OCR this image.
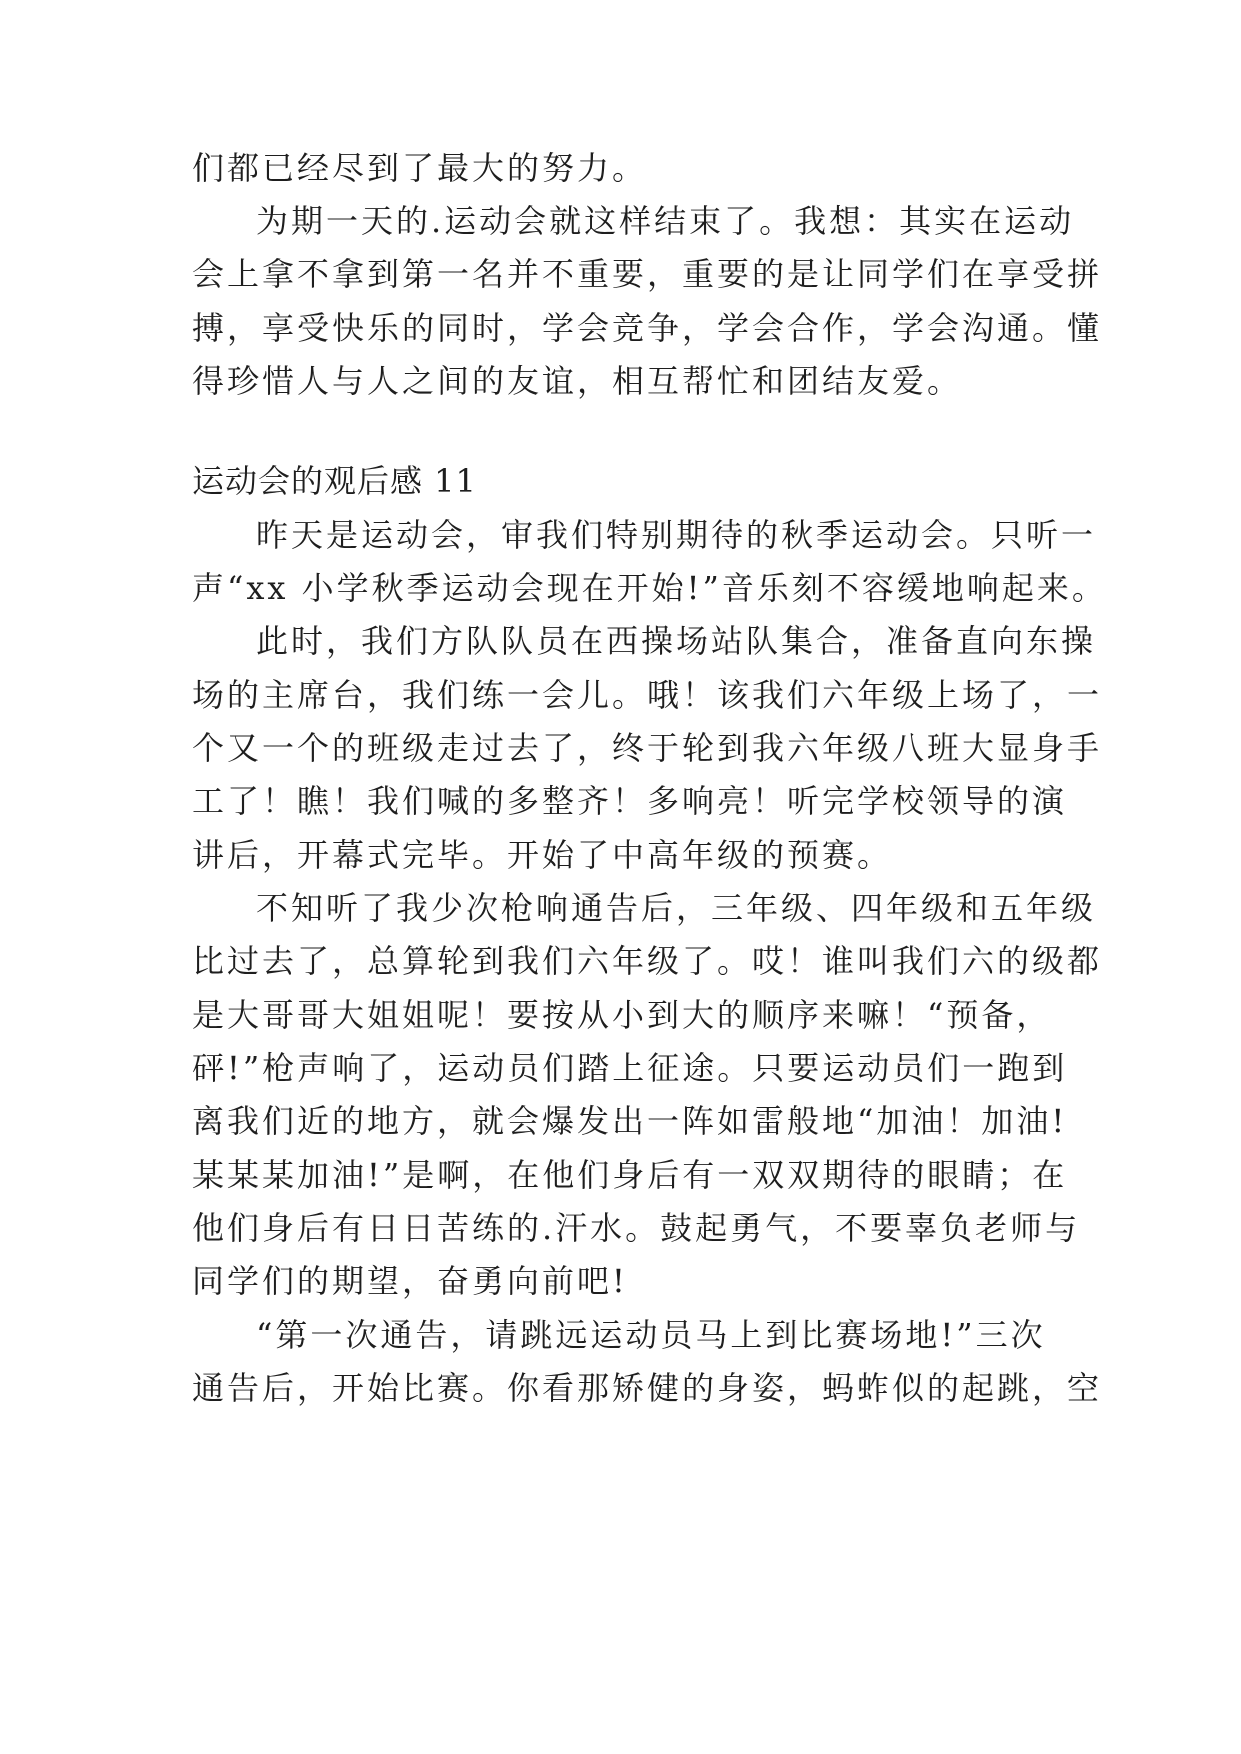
们都已经尽到了最大的努力。

为期一天的.运动会就这样结束了。我想：其实在运动

会上拿不拿到第一名并不重要，重要的是让同学们在享受拼

搏，享受快乐的同时，学会竞争，学会合作，学会沟通。懂

得珍惜人与人之间的友谊，相互帮忙和团结友爱。

运动会的观后感 11

昨天是运动会，审我们特别期待的秋季运动会。只听一

声“xx 小学秋季运动会现在开始!”音乐刻不容缓地响起来。

此时，我们方队队员在西操场站队集合，准备直向东操

场的主席台，我们练一会儿。哦！该我们六年级上场了，一

个又一个的班级走过去了，终于轮到我六年级八班大显身手

工了！瞧！我们喊的多整齐！多响亮！听完学校领导的演

讲后，开幕式完毕。开始了中高年级的预赛。

不知听了我少次枪响通告后，三年级、四年级和五年级

比过去了，总算轮到我们六年级了。哎！谁叫我们六的级都

是大哥哥大姐姐呢！要按从小到大的顺序来嘛！“预备，

砰!”枪声响了，运动员们踏上征途。只要运动员们一跑到

离我们近的地方，就会爆发出一阵如雷般地“加油！加油!

某某某加油!”是啊，在他们身后有一双双期待的眼睛；在

他们身后有日日苦练的.汗水。鼓起勇气，不要辜负老师与

同学们的期望，奋勇向前吧!

“第一次通告，请跳远运动员马上到比赛场地!”三次

通告后，开始比赛。你看那矫健的身姿，蚂蚱似的起跳，空
